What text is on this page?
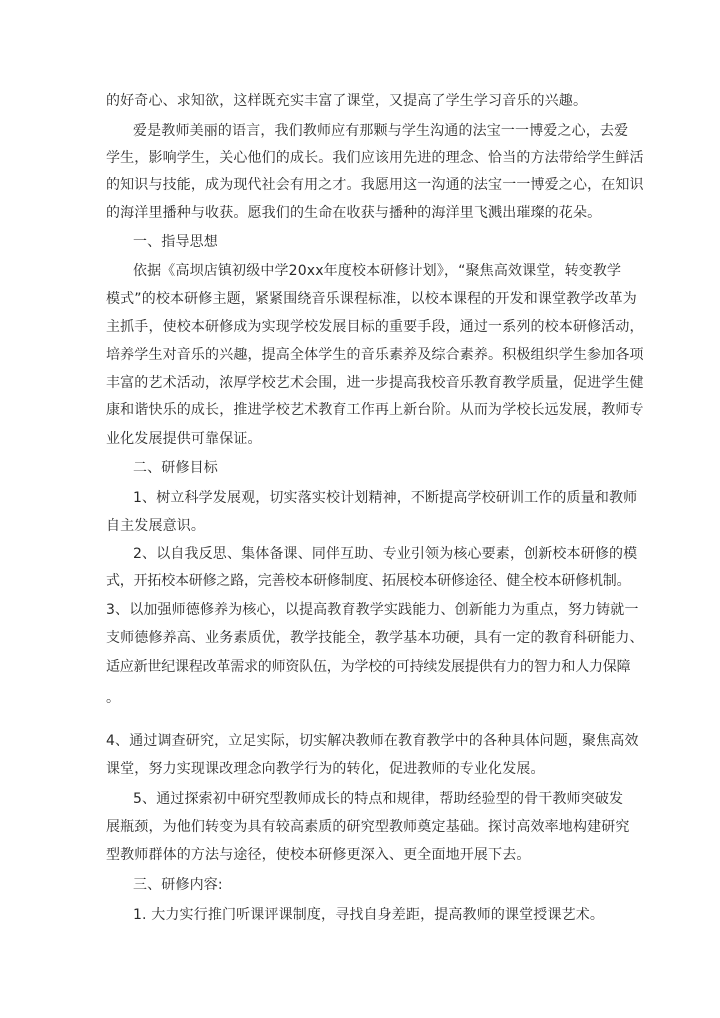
的好奇心、求知欲，这样既充实丰富了课堂，又提高了学生学习音乐的兴趣。
爱是教师美丽的语言，我们教师应有那颗与学生沟通的法宝一一博爱之心，去爱
学生，影响学生，关心他们的成长。我们应该用先进的理念、恰当的方法带给学生鲜活
的知识与技能，成为现代社会有用之才。我愿用这一沟通的法宝一一博爱之心，在知识
的海洋里播种与收获。愿我们的生命在收获与播种的海洋里飞溅出璀璨的花朵。
一、指导思想
依据《高坝店镇初级中学20xx年度校本研修计划》，“聚焦高效课堂，转变教学
模式”的校本研修主题，紧紧围绕音乐课程标准，以校本课程的开发和课堂教学改革为
主抓手，使校本研修成为实现学校发展目标的重要手段，通过一系列的校本研修活动，
培养学生对音乐的兴趣，提高全体学生的音乐素养及综合素养。积极组织学生参加各项
丰富的艺术活动，浓厚学校艺术会围，进一步提高我校音乐教育教学质量，促进学生健
康和谐快乐的成长，推进学校艺术教育工作再上新台阶。从而为学校长远发展，教师专
业化发展提供可靠保证。
二、研修目标
1、树立科学发展观，切实落实校计划精神，不断提高学校研训工作的质量和教师
自主发展意识。
2、以自我反思、集体备课、同伴互助、专业引领为核心要素，创新校本研修的模
式，开拓校本研修之路，完善校本研修制度、拓展校本研修途径、健全校本研修机制。
3、以加强师德修养为核心，以提高教育教学实践能力、创新能力为重点，努力铸就一
支师德修养高、业务素质优，教学技能全，教学基本功硬，具有一定的教育科研能力、
适应新世纪课程改革需求的师资队伍，为学校的可持续发展提供有力的智力和人力保障
。
4、通过调查研究，立足实际，切实解决教师在教育教学中的各种具体问题，聚焦高效
课堂，努力实现课改理念向教学行为的转化，促进教师的专业化发展。
5、通过探索初中研究型教师成长的特点和规律，帮助经验型的骨干教师突破发
展瓶颈，为他们转变为具有较高素质的研究型教师奠定基础。探讨高效率地构建研究
型教师群体的方法与途径，使校本研修更深入、更全面地开展下去。
三、研修内容:
1. 大力实行推门听课评课制度，寻找自身差距，提高教师的课堂授课艺术。
